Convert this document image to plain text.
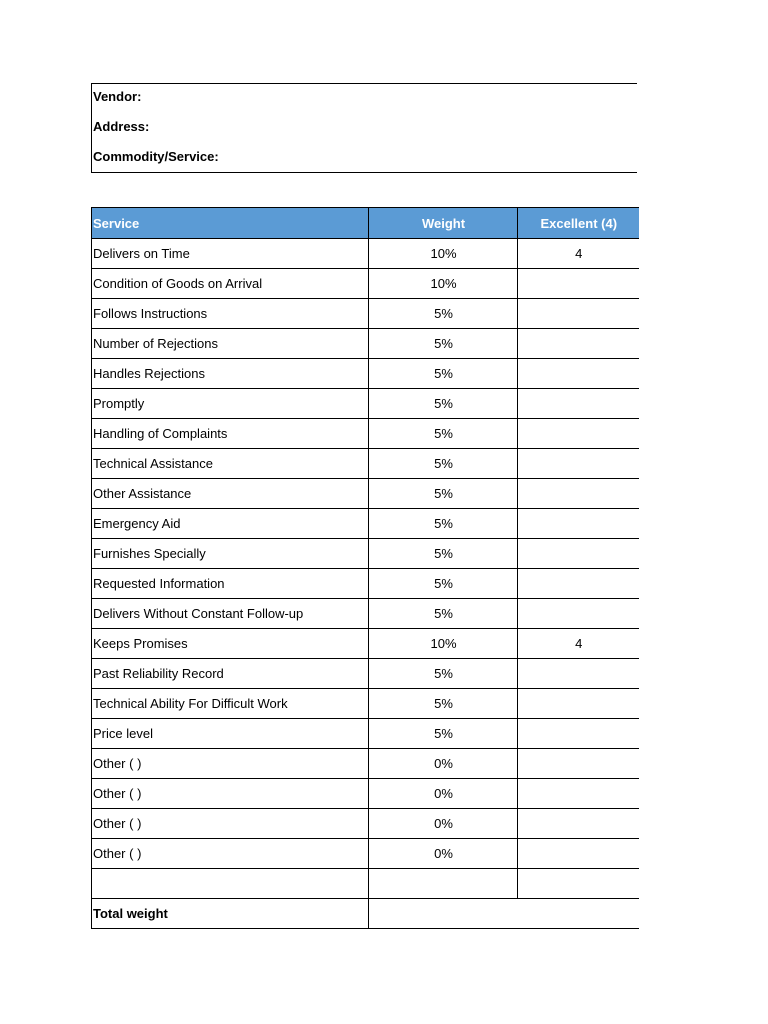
Vendor:
Address:
Commodity/Service:
Service	Weight	Excellent (4)
Delivers on Time	10%	4
Condition of Goods on Arrival	10%	
Follows Instructions	5%	
Number of Rejections	5%	
Handles Rejections	5%	
Promptly	5%	
Handling of Complaints	5%	
Technical Assistance	5%	
Other Assistance	5%	
Emergency Aid	5%	
Furnishes Specially	5%	
Requested Information	5%	
Delivers Without Constant Follow-up	5%	
Keeps Promises	10%	4
Past Reliability Record	5%	
Technical Ability For Difficult Work	5%	
Price level	5%	
Other ( )	0%	
Other ( )	0%	
Other ( )	0%	
Other ( )	0%	

Total weight		
